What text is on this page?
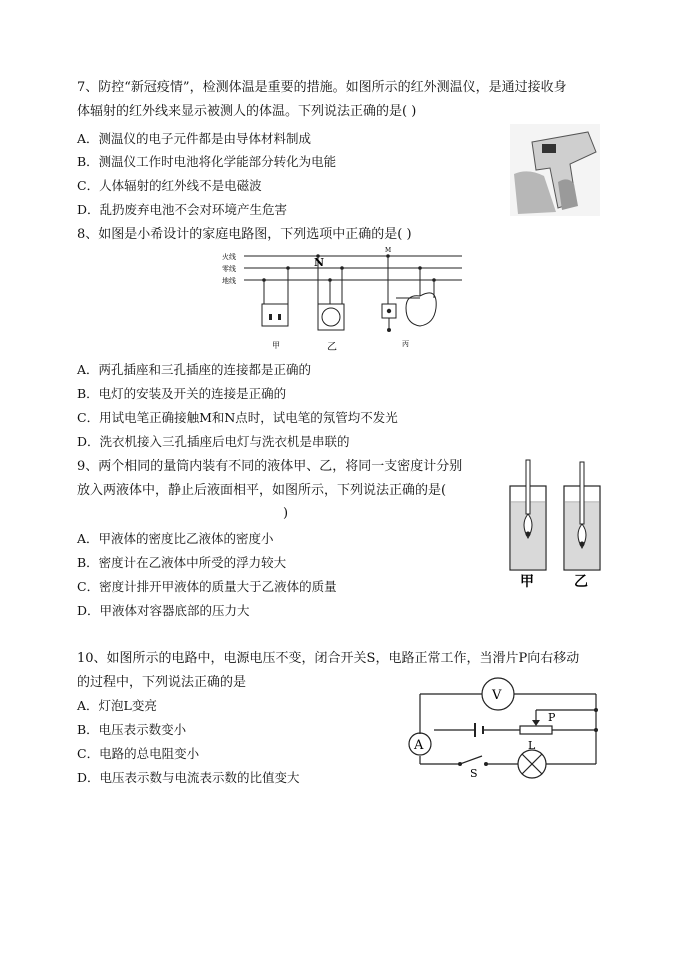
7、防控“新冠疫情”，检测体温是重要的措施。如图所示的红外测温仪，是通过接收身
体辐射的红外线来显示被测人的体温。下列说法正确的是( )
A．测温仪的电子元件都是由导体材料制成
B．测温仪工作时电池将化学能部分转化为电能
C．人体辐射的红外线不是电磁波
D．乱扔废弃电池不会对环境产生危害
8、如图是小希设计的家庭电路图，下列选项中正确的是( )
火线
零线
地线
N
M
甲	乙	丙
A．两孔插座和三孔插座的连接都是正确的
B．电灯的安装及开关的连接是正确的
C．用试电笔正确接触M和N点时，试电笔的氖管均不发光
D．洗衣机接入三孔插座后电灯与洗衣机是串联的
9、两个相同的量筒内装有不同的液体甲、乙，将同一支密度计分别
放入两液体中，静止后液面相平，如图所示，下列说法正确的是(
)
A．甲液体的密度比乙液体的密度小
B．密度计在乙液体中所受的浮力较大
C．密度计排开甲液体的质量大于乙液体的质量
D．甲液体对容器底部的压力大
甲	乙
10、如图所示的电路中，电源电压不变，闭合开关S，电路正常工作，当滑片P向右移动
的过程中，下列说法正确的是
A．灯泡L变亮
B．电压表示数变小
C．电路的总电阻变小
D．电压表示数与电流表示数的比值变大
V
A
P
L
S
